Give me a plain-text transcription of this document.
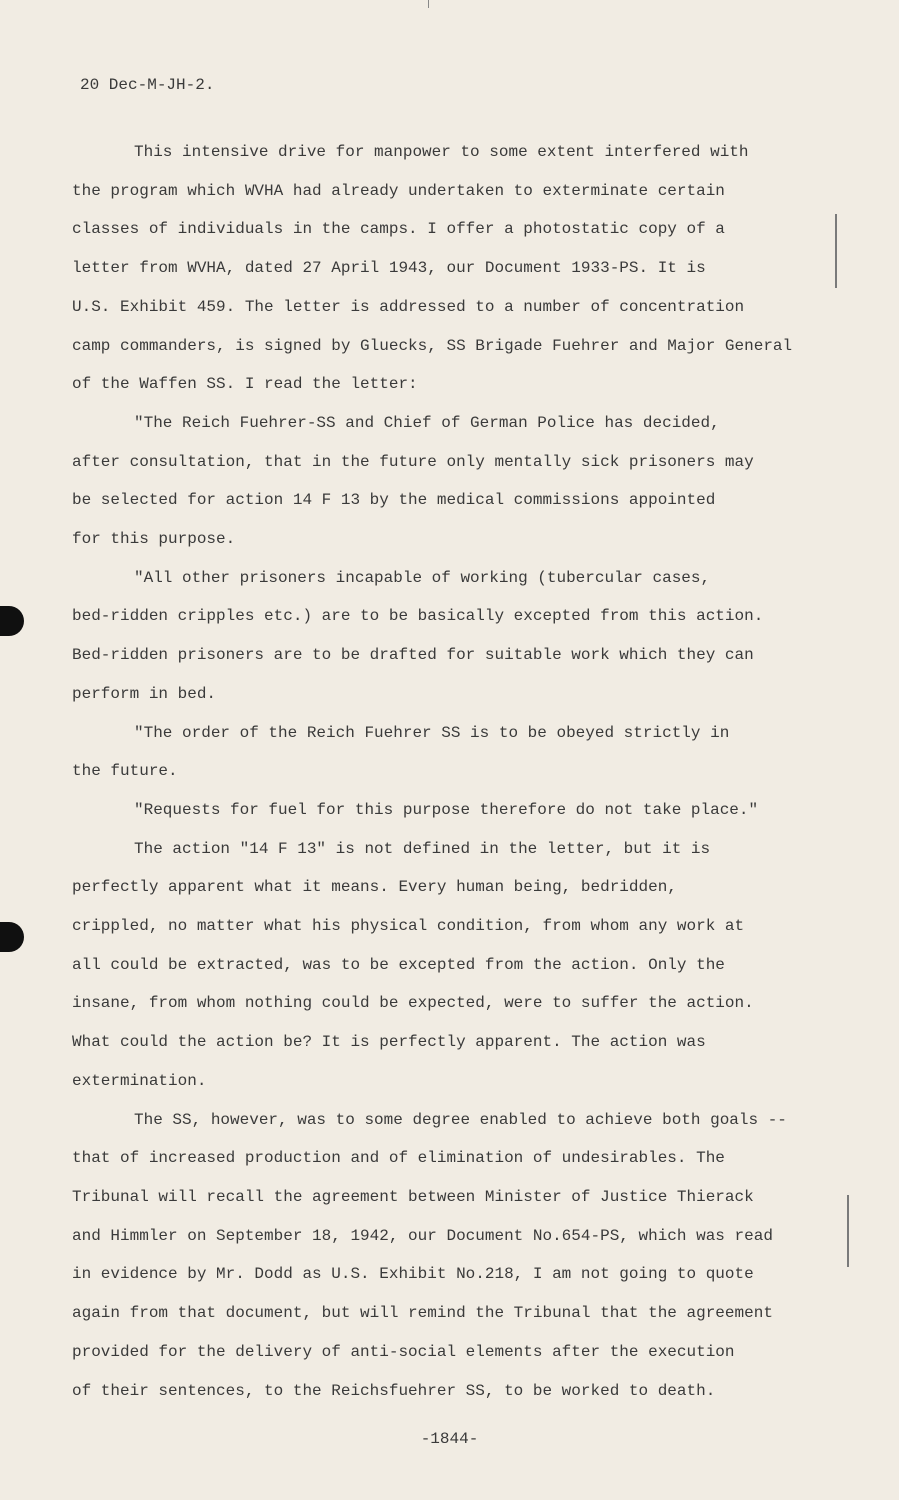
20 Dec-M-JH-2.
This intensive drive for manpower to some extent interfered with
the program which WVHA had already undertaken to exterminate certain
classes of individuals in the camps. I offer a photostatic copy of a
letter from WVHA, dated 27 April 1943, our Document 1933-PS. It is
U.S. Exhibit 459. The letter is addressed to a number of concentration
camp commanders, is signed by Gluecks, SS Brigade Fuehrer and Major General
of the Waffen SS. I read the letter:
"The Reich Fuehrer-SS and Chief of German Police has decided,
after consultation, that in the future only mentally sick prisoners may
be selected for action 14 F 13 by the medical commissions appointed
for this purpose.
"All other prisoners incapable of working (tubercular cases,
bed-ridden cripples etc.) are to be basically excepted from this action.
Bed-ridden prisoners are to be drafted for suitable work which they can
perform in bed.
"The order of the Reich Fuehrer SS is to be obeyed strictly in
the future.
"Requests for fuel for this purpose therefore do not take place."
The action "14 F 13" is not defined in the letter, but it is
perfectly apparent what it means. Every human being, bedridden,
crippled, no matter what his physical condition, from whom any work at
all could be extracted, was to be excepted from the action. Only the
insane, from whom nothing could be expected, were to suffer the action.
What could the action be? It is perfectly apparent. The action was
extermination.
The SS, however, was to some degree enabled to achieve both goals --
that of increased production and of elimination of undesirables. The
Tribunal will recall the agreement between Minister of Justice Thierack
and Himmler on September 18, 1942, our Document No.654-PS, which was read
in evidence by Mr. Dodd as U.S. Exhibit No.218, I am not going to quote
again from that document, but will remind the Tribunal that the agreement
provided for the delivery of anti-social elements after the execution
of their sentences, to the Reichsfuehrer SS, to be worked to death.
-1844-
